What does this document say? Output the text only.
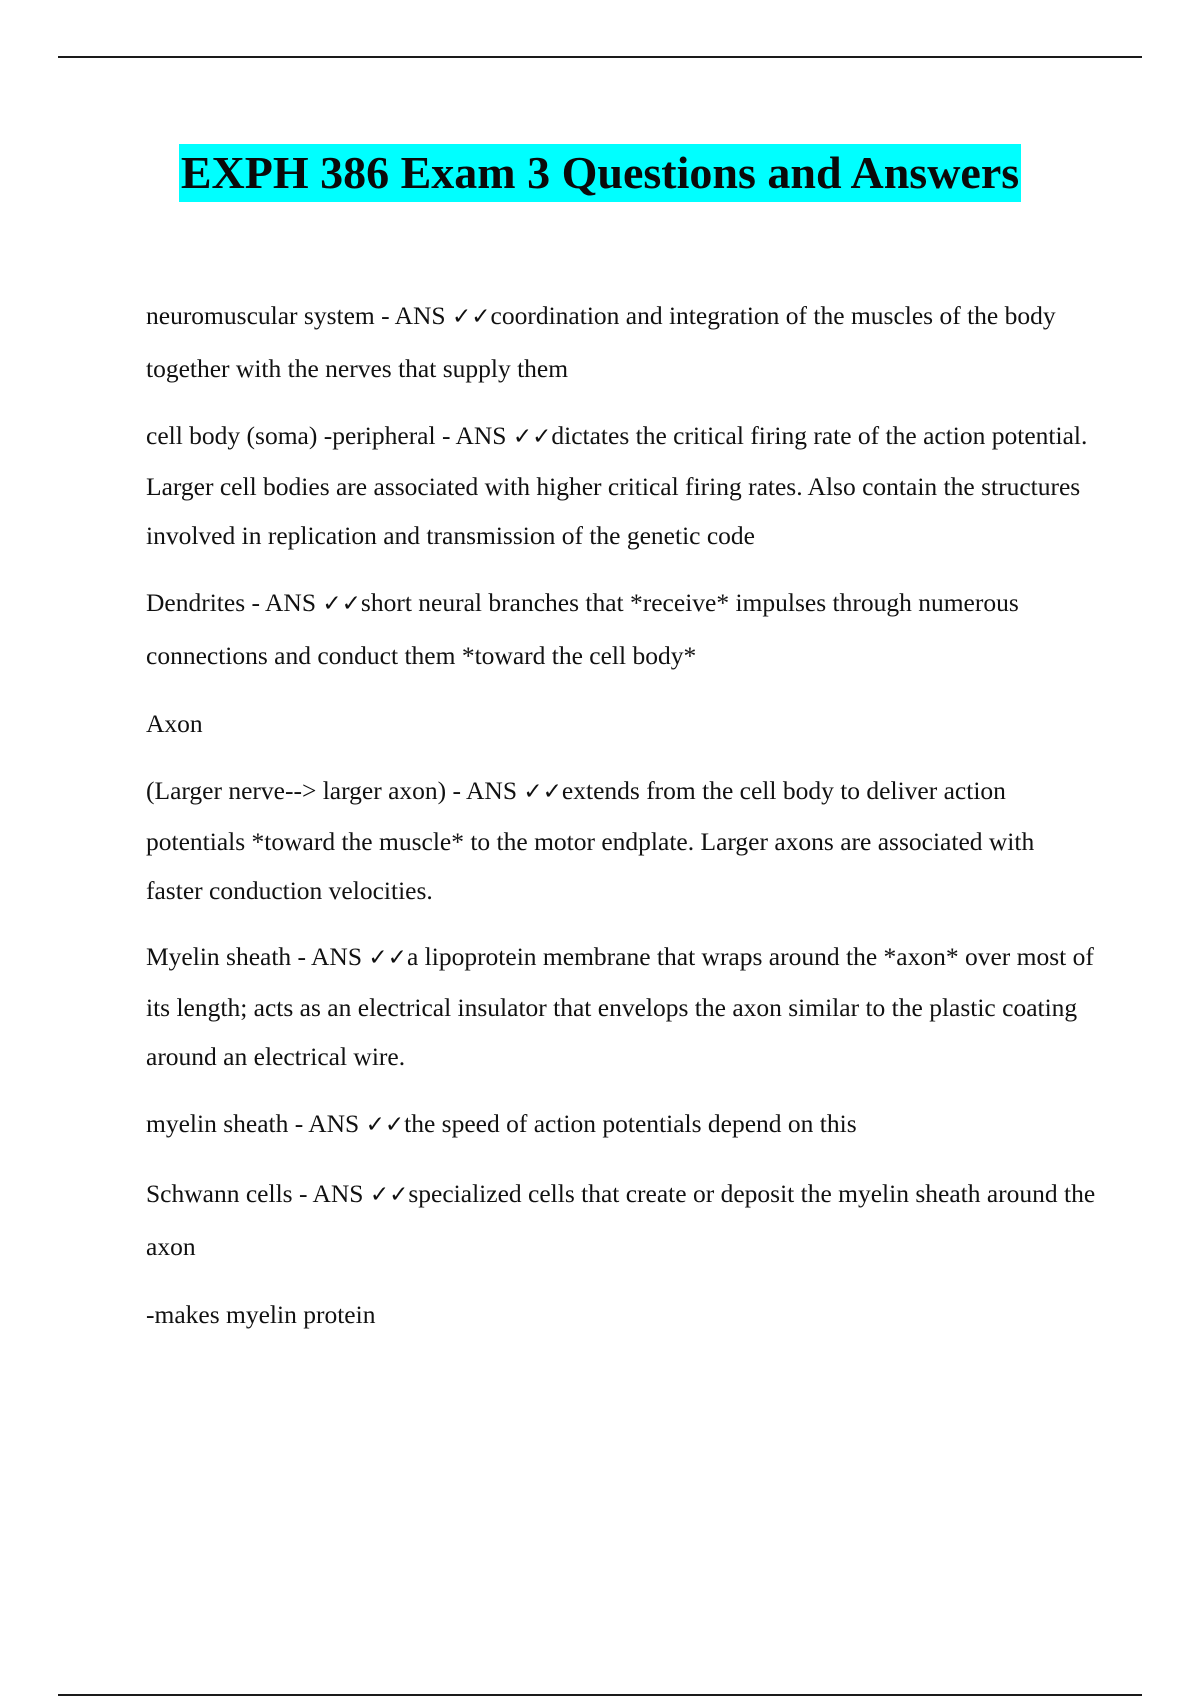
EXPH 386 Exam 3 Questions and Answers
neuromuscular system - ANS ✓✓coordination and integration of the muscles of the body together with the nerves that supply them
cell body (soma) -peripheral - ANS ✓✓dictates the critical firing rate of the action potential. Larger cell bodies are associated with higher critical firing rates. Also contain the structures involved in replication and transmission of the genetic code
Dendrites - ANS ✓✓short neural branches that *receive* impulses through numerous connections and conduct them *toward the cell body*
Axon
(Larger nerve--> larger axon) - ANS ✓✓extends from the cell body to deliver action potentials *toward the muscle* to the motor endplate. Larger axons are associated with faster conduction velocities.
Myelin sheath - ANS ✓✓a lipoprotein membrane that wraps around the *axon* over most of its length; acts as an electrical insulator that envelops the axon similar to the plastic coating around an electrical wire.
myelin sheath - ANS ✓✓the speed of action potentials depend on this
Schwann cells - ANS ✓✓specialized cells that create or deposit the myelin sheath around the axon
-makes myelin protein
